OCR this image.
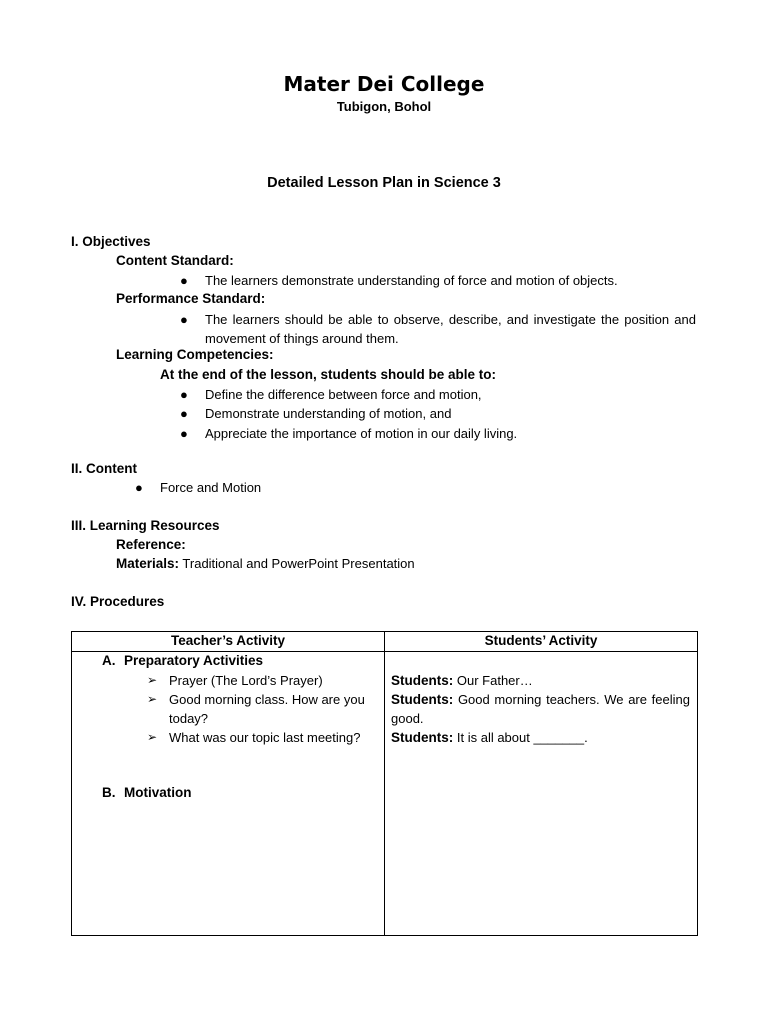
Mater Dei College
Tubigon, Bohol
Detailed Lesson Plan in Science 3
I. Objectives
Content Standard:
● The learners demonstrate understanding of force and motion of objects.
Performance Standard:
● The learners should be able to observe, describe, and investigate the position and movement of things around them.
Learning Competencies:
At the end of the lesson, students should be able to:
● Define the difference between force and motion,
● Demonstrate understanding of motion, and
● Appreciate the importance of motion in our daily living.
II. Content
● Force and Motion
III. Learning Resources
Reference:
Materials: Traditional and PowerPoint Presentation
IV. Procedures
Teacher’s Activity	Students’ Activity
A. Preparatory Activities
➢ Prayer (The Lord’s Prayer)
➢ Good morning class. How are you today?
➢ What was our topic last meeting?
B. Motivation
Students: Our Father…
Students: Good morning teachers. We are feeling good.
Students: It is all about _______.
